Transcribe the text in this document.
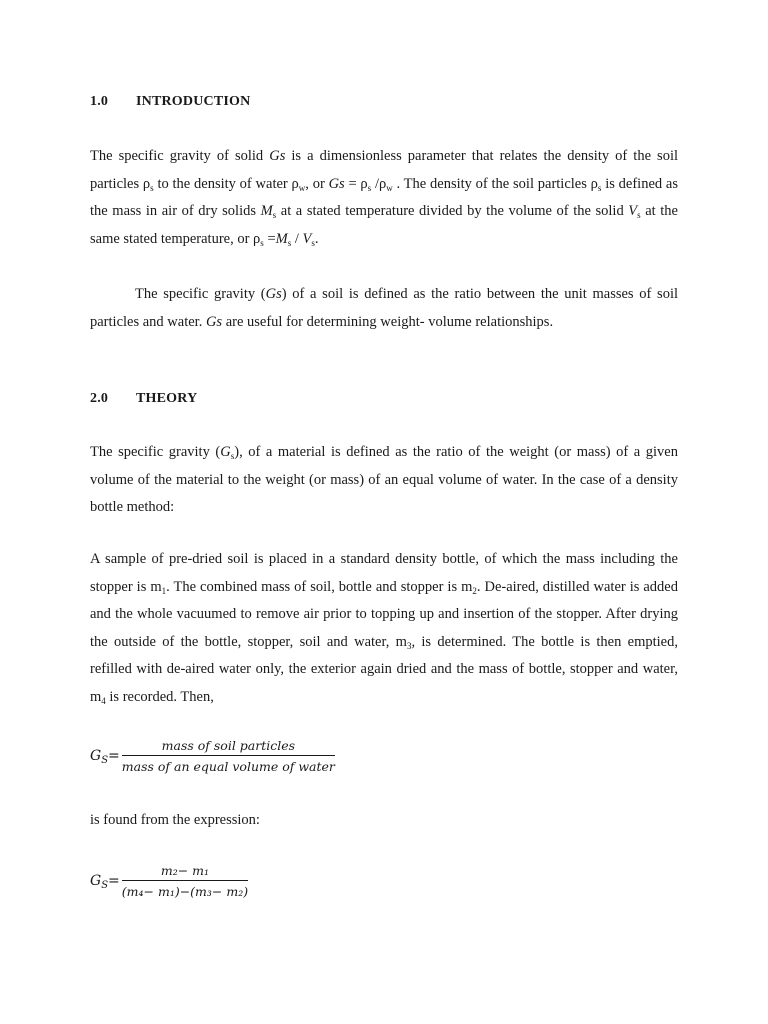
1.0 INTRODUCTION
The specific gravity of solid Gs is a dimensionless parameter that relates the density of the soil particles $\rho_s$ to the density of water $\rho_w$, or $Gs = \rho_s$ $/\rho_w$ . The density of the soil particles $\rho_s$ is defined as the mass in air of dry solids $M_s$ at a stated temperature divided by the volume of the solid $V_s$ at the same stated temperature, or $\rho_s =M_s / V_s$.
The specific gravity (Gs) of a soil is defined as the ratio between the unit masses of soil particles and water. Gs are useful for determining weight- volume relationships.
2.0 THEORY
The specific gravity $(G_s)$, of a material is defined as the ratio of the weight (or mass) of a given volume of the material to the weight (or mass) of an equal volume of water. In the case of a density bottle method:
A sample of pre-dried soil is placed in a standard density bottle, of which the mass including the stopper is $m_1$. The combined mass of soil, bottle and stopper is $m_2$. De-aired, distilled water is added and the whole vacuumed to remove air prior to topping up and insertion of the stopper. After drying the outside of the bottle, stopper, soil and water, $m_3$, is determined. The bottle is then emptied, refilled with de-aired water only, the exterior again dried and the mass of bottle, stopper and water, $m_4$ is recorded. Then,
$G_S= \frac{\text{mass of soil particles}}{\text{mass of an equal volume of water}}$
is found from the expression:
$G_S= \frac{\text{m₂− m₁}}{\text{(m₄− m₁)−(m₃− m₂)}}$
